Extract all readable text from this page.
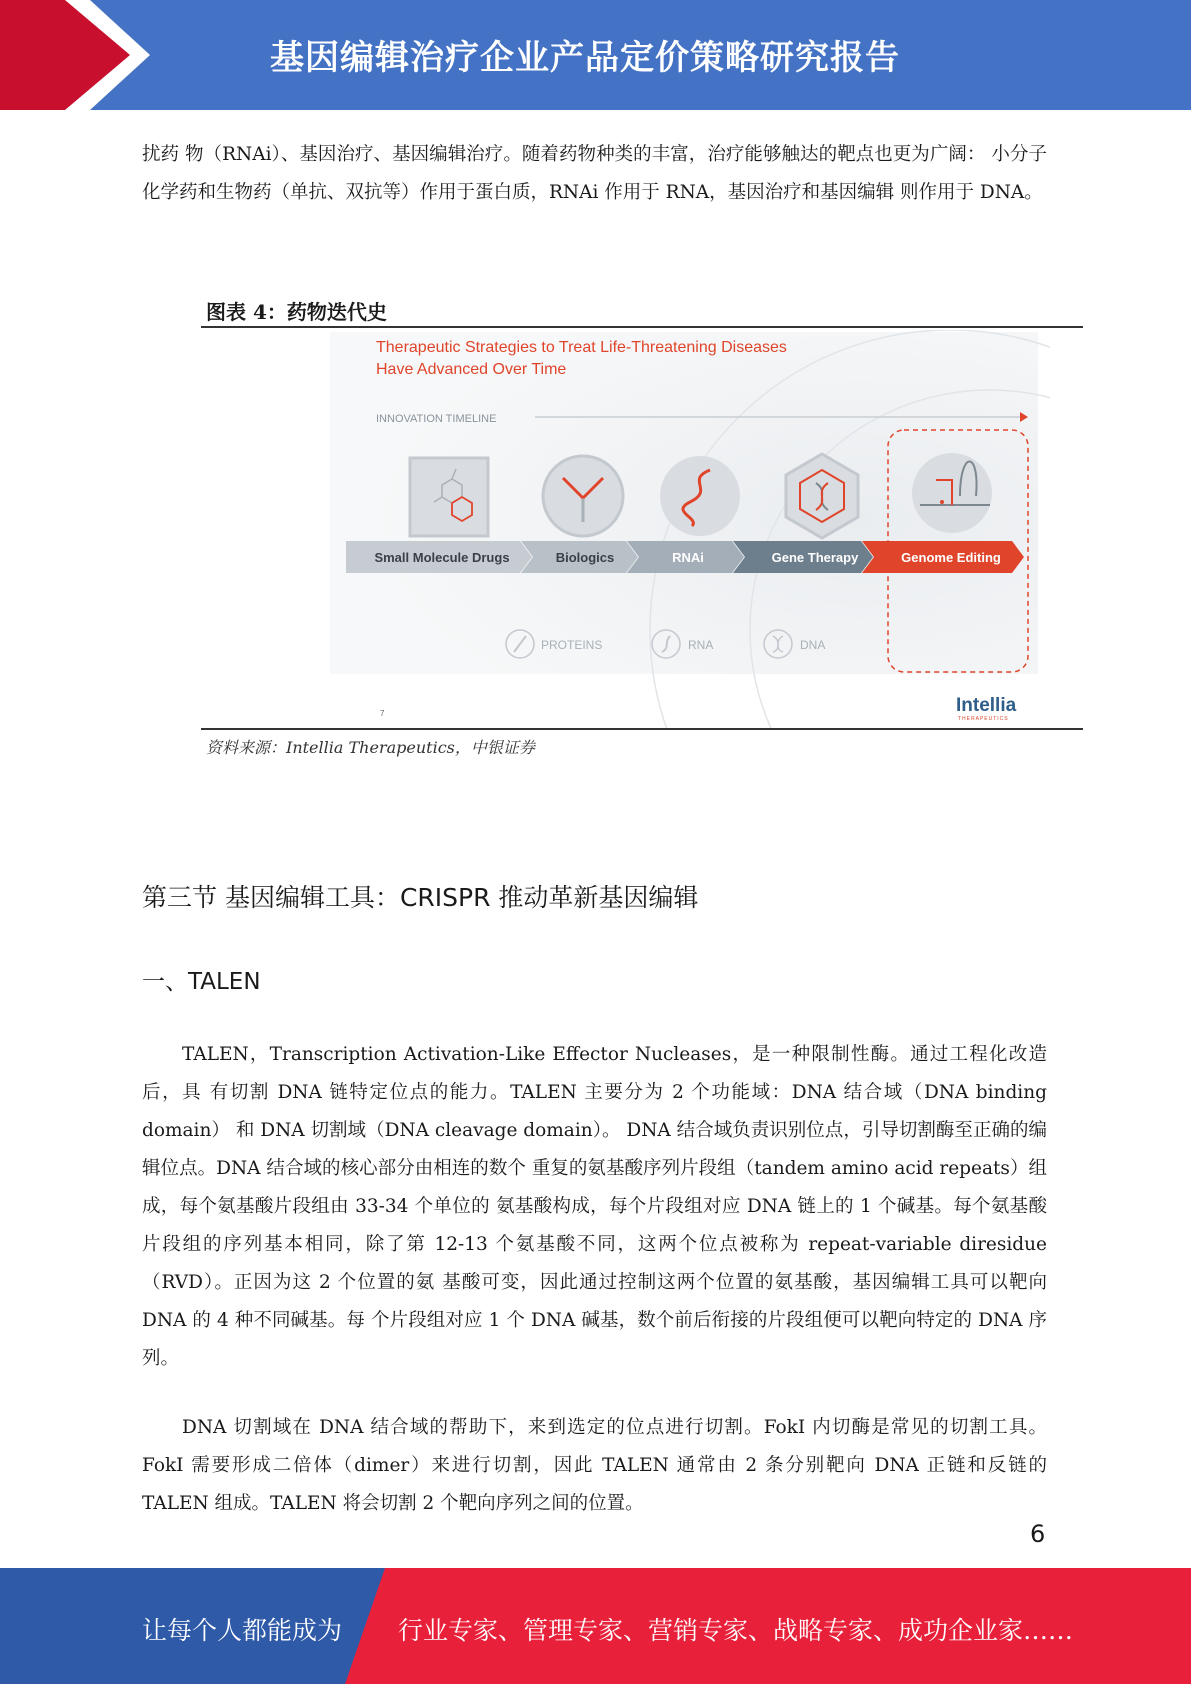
基因编辑治疗企业产品定价策略研究报告

扰药 物（RNAi）、基因治疗、基因编辑治疗。随着药物种类的丰富，治疗能够触达的靶点也更为广阔： 小分子化学药和生物药（单抗、双抗等）作用于蛋白质，RNAi 作用于 RNA，基因治疗和基因编辑 则作用于 DNA。

图表 4：药物迭代史
Therapeutic Strategies to Treat Life-Threatening Diseases
Have Advanced Over Time
INNOVATION TIMELINE
Small Molecule Drugs	Biologics	RNAi	Gene Therapy	Genome Editing
PROTEINS	RNA	DNA
7	Intellia
THERAPEUTICS
资料来源：Intellia Therapeutics，中银证券
第三节 基因编辑工具：CRISPR 推动革新基因编辑
一、TALEN

TALEN，Transcription Activation-Like Effector Nucleases，是一种限制性酶。通过工程化改造后，具 有切割 DNA 链特定位点的能力。TALEN 主要分为 2 个功能域：DNA 结合域（DNA binding domain） 和 DNA 切割域（DNA cleavage domain）。 DNA 结合域负责识别位点，引导切割酶至正确的编辑位点。DNA 结合域的核心部分由相连的数个 重复的氨基酸序列片段组（tandem amino acid repeats）组成，每个氨基酸片段组由 33-34 个单位的 氨基酸构成，每个片段组对应 DNA 链上的 1 个碱基。每个氨基酸片段组的序列基本相同，除了第 12-13 个氨基酸不同，这两个位点被称为 repeat-variable diresidue（RVD）。正因为这 2 个位置的氨 基酸可变，因此通过控制这两个位置的氨基酸，基因编辑工具可以靶向 DNA 的 4 种不同碱基。每 个片段组对应 1 个 DNA 碱基，数个前后衔接的片段组便可以靶向特定的 DNA 序列。

DNA 切割域在 DNA 结合域的帮助下，来到选定的位点进行切割。FokI 内切酶是常见的切割工具。 FokI 需要形成二倍体（dimer）来进行切割，因此 TALEN 通常由 2 条分别靶向 DNA 正链和反链的 TALEN 组成。TALEN 将会切割 2 个靶向序列之间的位置。

6
让每个人都能成为 行业专家、管理专家、营销专家、战略专家、成功企业家……
